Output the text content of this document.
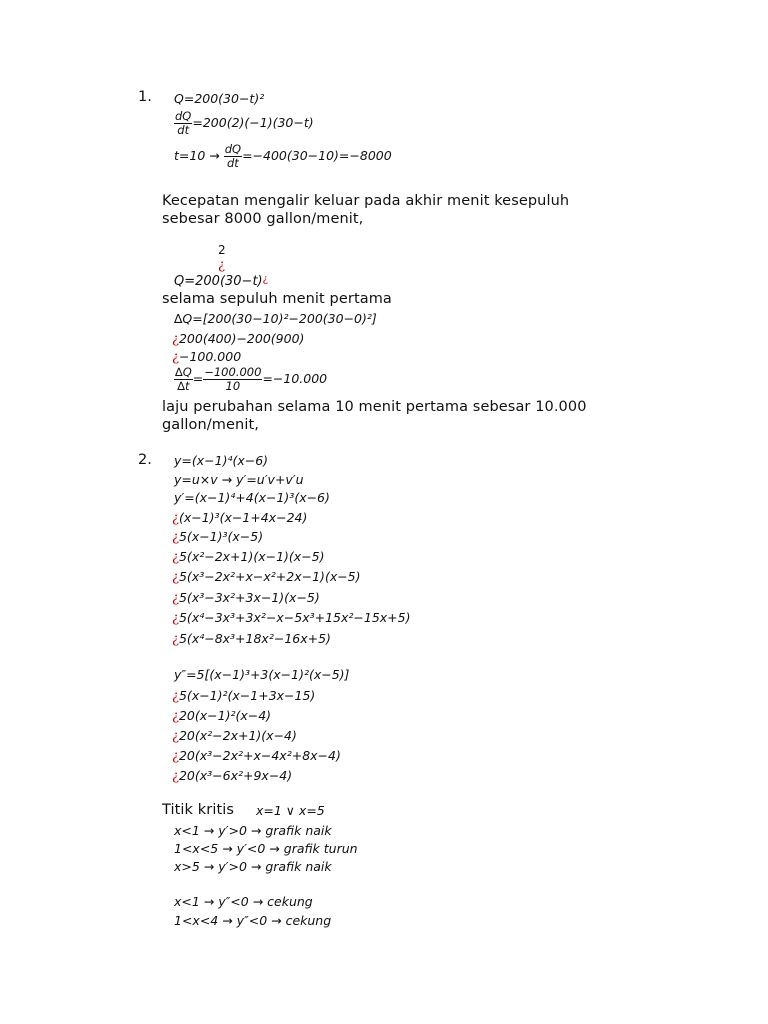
1. Q=200(30−t)²
$\frac{dQ}{dt} =200(2)(-1)(30-t)$
$t=10 \to \frac{dQ}{dt} =-400(30-10)=-8000$
Kecepatan mengalir keluar pada akhir menit kesepuluh
sebesar 8000 gallon/menit,
2
¿
Q=200(30−t)¿
selama sepuluh menit pertama
∆Q=[200(30−10)²−200(30−0)²]
¿200(400)−200(900)
¿−100.000
$\frac{\Delta Q}{\Delta t} = \frac{-100.000}{10} =-10.000$
laju perubahan selama 10 menit pertama sebesar 10.000
gallon/menit,
2. y=(x−1)⁴(x−6)
y=u×v → y′=u′v+v′u
y′=(x−1)⁴+4(x−1)³(x−6)
¿(x−1)³(x−1+4x−24)
¿5(x−1)³(x−5)
¿5(x²−2x+1)(x−1)(x−5)
¿5(x³−2x²+x−x²+2x−1)(x−5)
¿5(x³−3x²+3x−1)(x−5)
¿5(x⁴−3x³+3x²−x−5x³+15x²−15x+5)
¿5(x⁴−8x³+18x²−16x+5)
y″=5[(x−1)³+3(x−1)²(x−5)]
¿5(x−1)²(x−1+3x−15)
¿20(x−1)²(x−4)
¿20(x²−2x+1)(x−4)
¿20(x³−2x²+x−4x²+8x−4)
¿20(x³−6x²+9x−4)
Titik kritis x=1 ∨ x=5
x<1 → y′>0 → grafik naik
1<x<5 → y′<0 → grafik turun
x>5 → y′>0 → grafik naik
x<1 → y″<0 → cekung
1<x<4 → y″<0 → cekung
